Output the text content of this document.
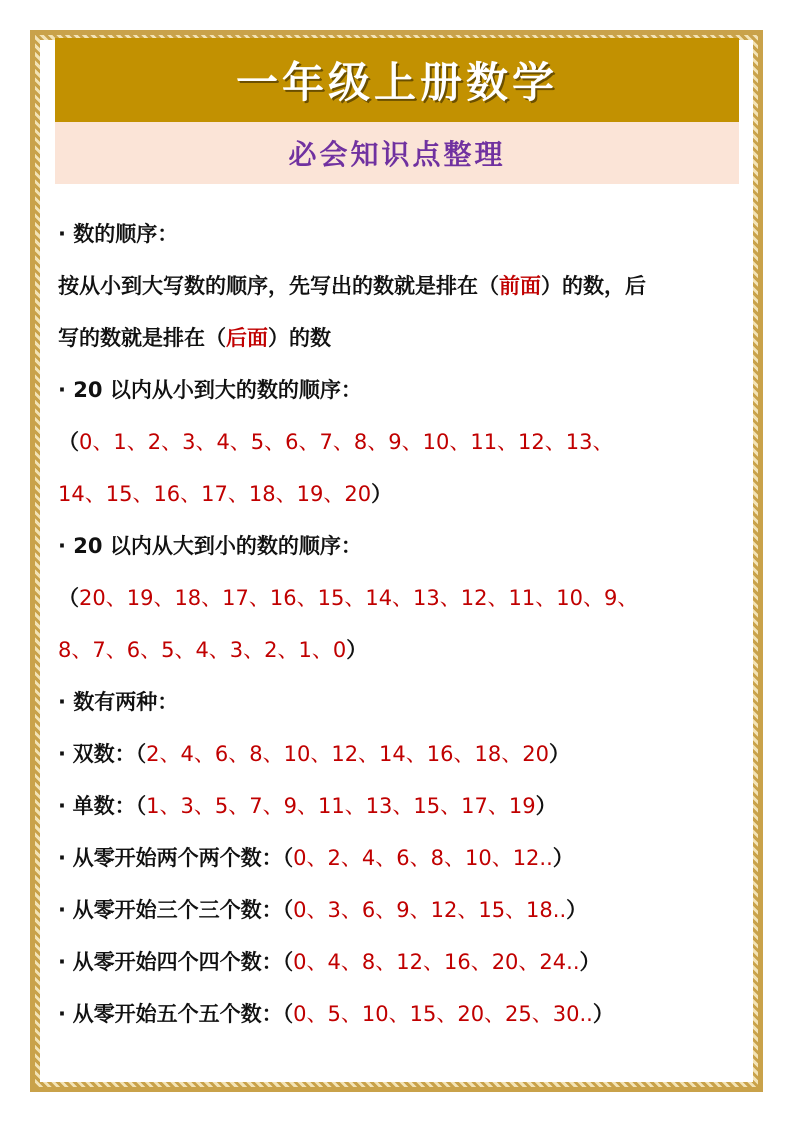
一年级上册数学
必会知识点整理
· 数的顺序：
按从小到大写数的顺序，先写出的数就是排在（前面）的数，后
写的数就是排在（后面）的数
· 20 以内从小到大的数的顺序：
（0、1、2、3、4、5、6、7、8、9、10、11、12、13、
14、15、16、17、18、19、20）
· 20 以内从大到小的数的顺序：
（20、19、18、17、16、15、14、13、12、11、10、9、
8、7、6、5、4、3、2、1、0）
· 数有两种：
· 双数：（2、4、6、8、10、12、14、16、18、20）
· 单数：（1、3、5、7、9、11、13、15、17、19）
· 从零开始两个两个数：（0、2、4、6、8、10、12..）
· 从零开始三个三个数：（0、3、6、9、12、15、18..）
· 从零开始四个四个数：（0、4、8、12、16、20、24..）
· 从零开始五个五个数：（0、5、10、15、20、25、30..）
